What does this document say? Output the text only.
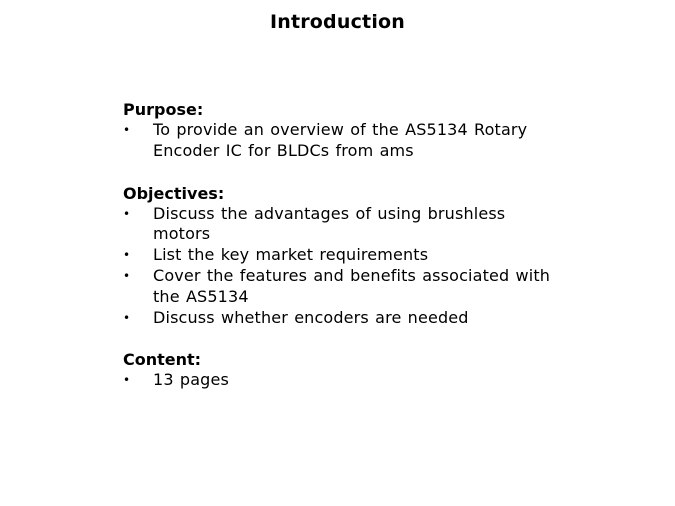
Introduction
Purpose:
• To provide an overview of the AS5134 Rotary Encoder IC for BLDCs from ams
Objectives:
• Discuss the advantages of using brushless motors
• List the key market requirements
• Cover the features and benefits associated with the AS5134
• Discuss whether encoders are needed
Content:
• 13 pages
